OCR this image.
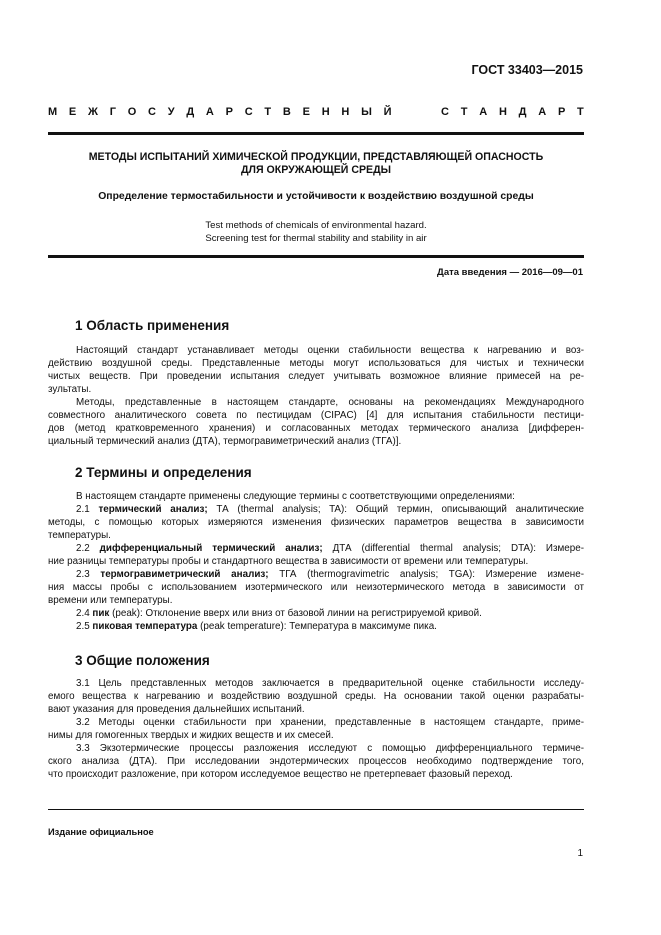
ГОСТ 33403—2015
М Е Ж Г О С У Д А Р С Т В Е Н Н Ы Й	С Т А Н Д А Р Т
МЕТОДЫ ИСПЫТАНИЙ ХИМИЧЕСКОЙ ПРОДУКЦИИ, ПРЕДСТАВЛЯЮЩЕЙ ОПАСНОСТЬ
ДЛЯ ОКРУЖАЮЩЕЙ СРЕДЫ
Определение термостабильности и устойчивости к воздействию воздушной среды
Test methods of chemicals of environmental hazard.
Screening test for thermal stability and stability in air
Дата введения — 2016—09—01
1 Область применения
Настоящий стандарт устанавливает методы оценки стабильности вещества к нагреванию и воз-
действию воздушной среды. Представленные методы могут использоваться для чистых и технически
чистых веществ. При проведении испытания следует учитывать возможное влияние примесей на ре-
зультаты.
Методы, представленные в настоящем стандарте, основаны на рекомендациях Международного
совместного аналитического совета по пестицидам (CIPAC) [4] для испытания стабильности пестици-
дов (метод кратковременного хранения) и согласованных методах термического анализа [дифферен-
циальный термический анализ (ДТА), термогравиметрический анализ (ТГА)].
2 Термины и определения
В настоящем стандарте применены следующие термины с соответствующими определениями:
2.1 термический анализ; ТА (thermal analysis; TA): Общий термин, описывающий аналитические
методы, с помощью которых измеряются изменения физических параметров вещества в зависимости
температуры.
2.2 дифференциальный термический анализ; ДТА (differential thermal analysis; DTA): Измере-
ние разницы температуры пробы и стандартного вещества в зависимости от времени или температуры.
2.3 термогравиметрический анализ; ТГА (thermogravimetric analysis; TGA): Измерение измене-
ния массы пробы с использованием изотермического или неизотермического метода в зависимости от
времени или температуры.
2.4 пик (peak): Отклонение вверх или вниз от базовой линии на регистрируемой кривой.
2.5 пиковая температура (peak temperature): Температура в максимуме пика.
3 Общие положения
3.1 Цель представленных методов заключается в предварительной оценке стабильности исследу-
емого вещества к нагреванию и воздействию воздушной среды. На основании такой оценки разрабаты-
вают указания для проведения дальнейших испытаний.
3.2 Методы оценки стабильности при хранении, представленные в настоящем стандарте, приме-
нимы для гомогенных твердых и жидких веществ и их смесей.
3.3 Экзотермические процессы разложения исследуют с помощью дифференциального термиче-
ского анализа (ДТА). При исследовании эндотермических процессов необходимо подтверждение того,
что происходит разложение, при котором исследуемое вещество не претерпевает фазовый переход.
Издание официальное
1
